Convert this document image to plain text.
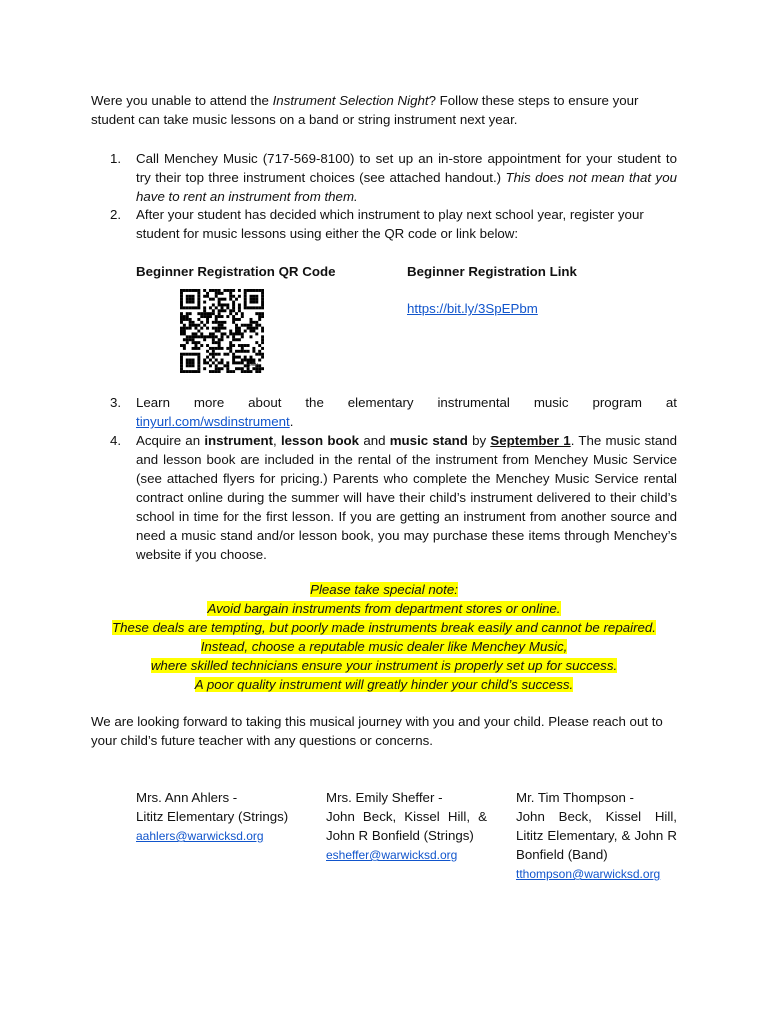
Were you unable to attend the Instrument Selection Night? Follow these steps to ensure your student can take music lessons on a band or string instrument next year.
1. Call Menchey Music (717-569-8100) to set up an in-store appointment for your student to try their top three instrument choices (see attached handout.) This does not mean that you have to rent an instrument from them.
2. After your student has decided which instrument to play next school year, register your student for music lessons using either the QR code or link below:
Beginner Registration QR Code	Beginner Registration Link
https://bit.ly/3SpEPbm
bitly
3. Learn more about the elementary instrumental music program at
tinyurl.com/wsdinstrument.
4. Acquire an instrument, lesson book and music stand by September 1. The music stand and lesson book are included in the rental of the instrument from Menchey Music Service (see attached flyers for pricing.) Parents who complete the Menchey Music Service rental contract online during the summer will have their child’s instrument delivered to their child’s school in time for the first lesson. If you are getting an instrument from another source and need a music stand and/or lesson book, you may purchase these items through Menchey’s website if you choose.
Please take special note:
Avoid bargain instruments from department stores or online.
These deals are tempting, but poorly made instruments break easily and cannot be repaired.
Instead, choose a reputable music dealer like Menchey Music,
where skilled technicians ensure your instrument is properly set up for success.
A poor quality instrument will greatly hinder your child’s success.
We are looking forward to taking this musical journey with you and your child. Please reach out to your child’s future teacher with any questions or concerns.
Mrs. Ann Ahlers -
Lititz Elementary (Strings)
aahlers@warwicksd.org
Mrs. Emily Sheffer -
John Beck, Kissel Hill, & John R Bonfield (Strings)
esheffer@warwicksd.org
Mr. Tim Thompson -
John Beck, Kissel Hill, Lititz Elementary, & John R Bonfield (Band)
tthompson@warwicksd.org
